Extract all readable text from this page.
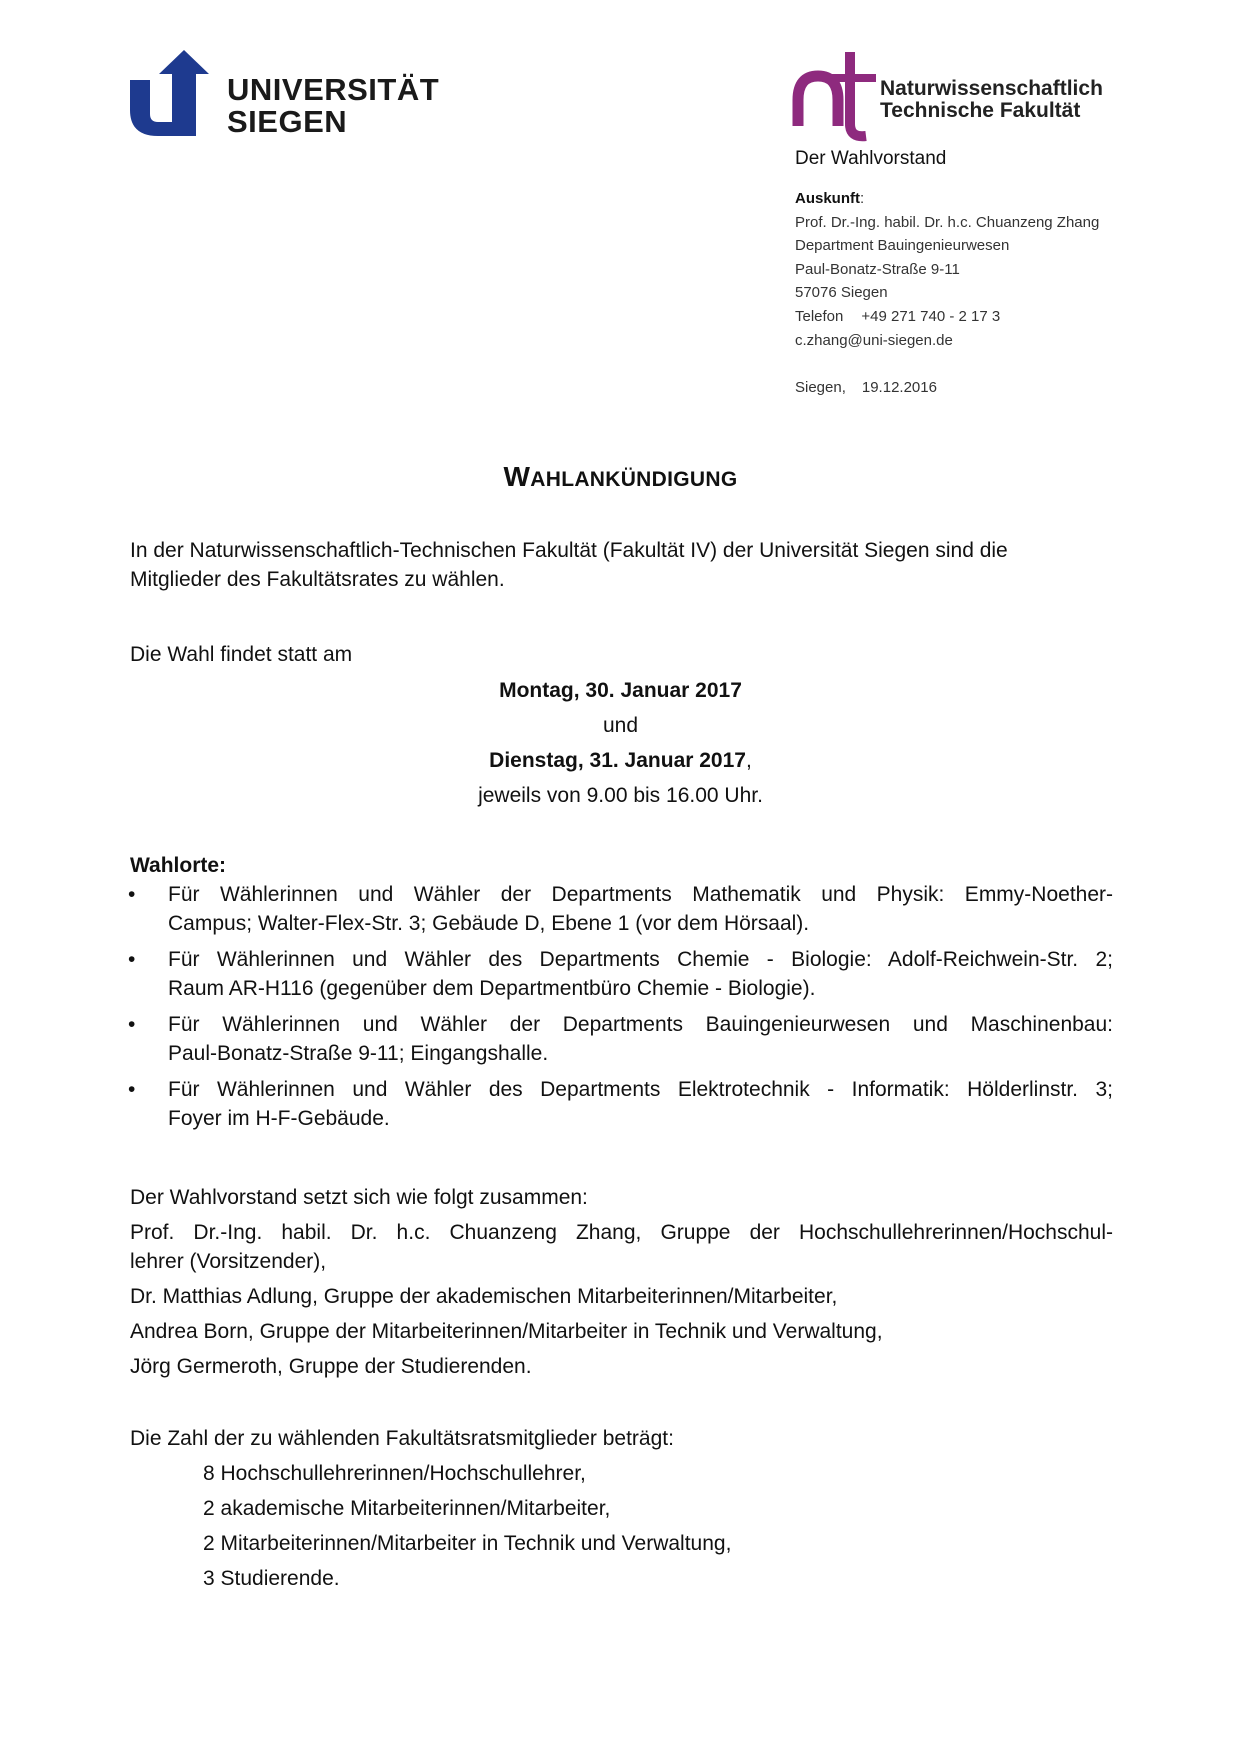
UNIVERSITÄT
SIEGEN
Naturwissenschaftlich
Technische Fakultät
Der Wahlvorstand
Auskunft:
Prof. Dr.-Ing. habil. Dr. h.c. Chuanzeng Zhang
Department Bauingenieurwesen
Paul-Bonatz-Straße 9-11
57076 Siegen
Telefon +49 271 740 - 2 17 3
c.zhang@uni-siegen.de
Siegen, 19.12.2016
WAHLANKÜNDIGUNG
In der Naturwissenschaftlich-Technischen Fakultät (Fakultät IV) der Universität Siegen sind die
Mitglieder des Fakultätsrates zu wählen.
Die Wahl findet statt am
Montag, 30. Januar 2017
und
Dienstag, 31. Januar 2017,
jeweils von 9.00 bis 16.00 Uhr.
Wahlorte:
• Für Wählerinnen und Wähler der Departments Mathematik und Physik: Emmy-Noether-
Campus; Walter-Flex-Str. 3; Gebäude D, Ebene 1 (vor dem Hörsaal).
• Für Wählerinnen und Wähler des Departments Chemie - Biologie: Adolf-Reichwein-Str. 2;
Raum AR-H116 (gegenüber dem Departmentbüro Chemie - Biologie).
• Für Wählerinnen und Wähler der Departments Bauingenieurwesen und Maschinenbau:
Paul-Bonatz-Straße 9-11; Eingangshalle.
• Für Wählerinnen und Wähler des Departments Elektrotechnik - Informatik: Hölderlinstr. 3;
Foyer im H-F-Gebäude.
Der Wahlvorstand setzt sich wie folgt zusammen:
Prof. Dr.-Ing. habil. Dr. h.c. Chuanzeng Zhang, Gruppe der Hochschullehrerinnen/Hochschul-
lehrer (Vorsitzender),
Dr. Matthias Adlung, Gruppe der akademischen Mitarbeiterinnen/Mitarbeiter,
Andrea Born, Gruppe der Mitarbeiterinnen/Mitarbeiter in Technik und Verwaltung,
Jörg Germeroth, Gruppe der Studierenden.
Die Zahl der zu wählenden Fakultätsratsmitglieder beträgt:
8 Hochschullehrerinnen/Hochschullehrer,
2 akademische Mitarbeiterinnen/Mitarbeiter,
2 Mitarbeiterinnen/Mitarbeiter in Technik und Verwaltung,
3 Studierende.
